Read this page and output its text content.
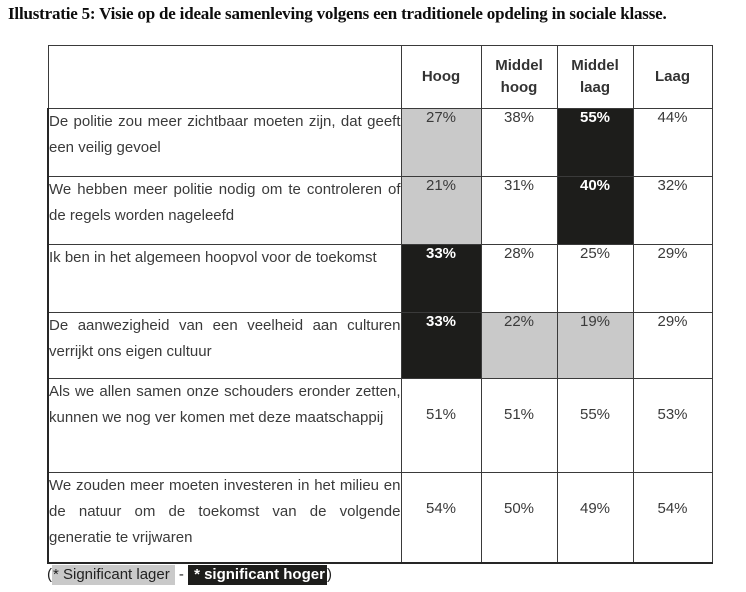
Illustratie 5: Visie op de ideale samenleving volgens een traditionele opdeling in sociale klasse.
	Hoog	Middel hoog	Middel laag	Laag
De politie zou meer zichtbaar moeten zijn, dat geeft een veilig gevoel	27%	38%	55%	44%
We hebben meer politie nodig om te controleren of de regels worden nageleefd	21%	31%	40%	32%
Ik ben in het algemeen hoopvol voor de toekomst	33%	28%	25%	29%
De aanwezigheid van een veelheid aan culturen verrijkt ons eigen cultuur	33%	22%	19%	29%
Als we allen samen onze schouders eronder zetten, kunnen we nog ver komen met deze maatschappij	51%	51%	55%	53%
We zouden meer moeten investeren in het milieu en de natuur om de toekomst van de volgende generatie te vrijwaren	54%	50%	49%	54%
(* Significant lager - * significant hoger )
